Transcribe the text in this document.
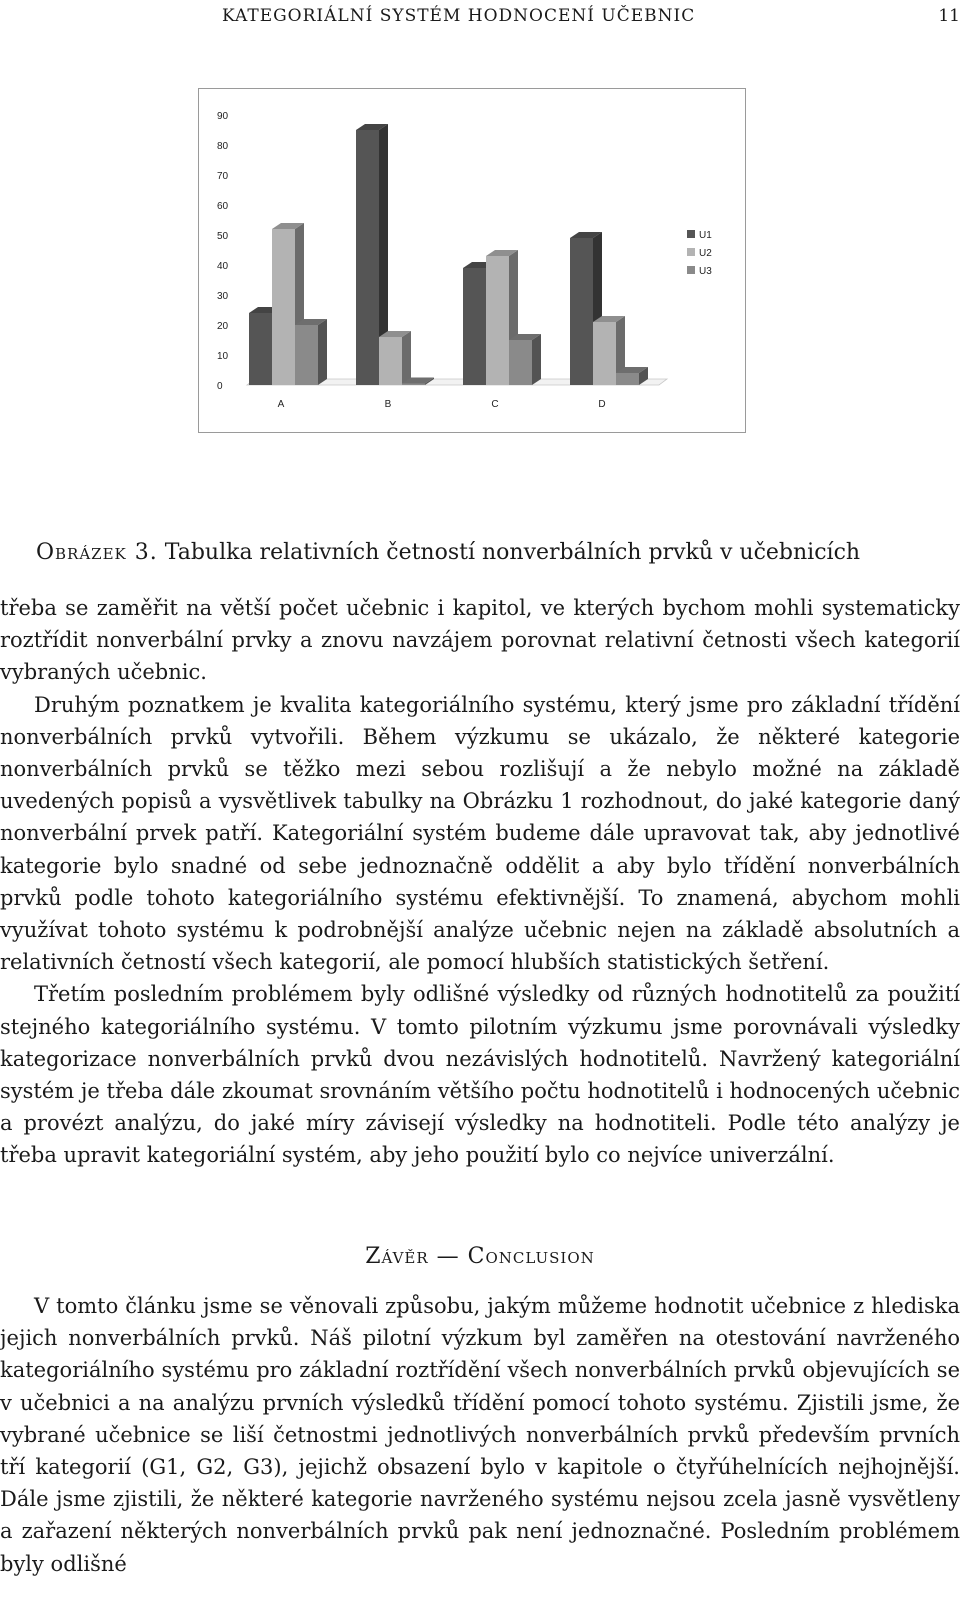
KATEGORIÁLNÍ SYSTÉM HODNOCENÍ UČEBNIC	11
0
10
20
30
40
50
60
70
80
90
A	B	C	D
U1
U2
U3
Obrázek 3. Tabulka relativních četností nonverbálních prvků v učebnicích

třeba se zaměřit na větší počet učebnic i kapitol, ve kterých bychom mohli systematicky roztřídit nonverbální prvky a znovu navzájem porovnat relativní četnosti všech kategorií vybraných učebnic.

Druhým poznatkem je kvalita kategoriálního systému, který jsme pro základní třídění nonverbálních prvků vytvořili. Během výzkumu se ukázalo, že některé kategorie nonverbálních prvků se těžko mezi sebou rozlišují a že nebylo možné na základě uvedených popisů a vysvětlivek tabulky na Obrázku 1 rozhodnout, do jaké kategorie daný nonverbální prvek patří. Kategoriální systém budeme dále upravovat tak, aby jednotlivé kategorie bylo snadné od sebe jednoznačně oddělit a aby bylo třídění nonverbálních prvků podle tohoto kategoriálního systému efektivnější. To znamená, abychom mohli využívat tohoto systému k podrobnější analýze učebnic nejen na základě absolutních a relativních četností všech kategorií, ale pomocí hlubších statistických šetření.

Třetím posledním problémem byly odlišné výsledky od různých hodnotitelů za použití stejného kategoriálního systému. V tomto pilotním výzkumu jsme porovnávali výsledky kategorizace nonverbálních prvků dvou nezávislých hodnotitelů. Navržený kategoriální systém je třeba dále zkoumat srovnáním většího počtu hodnotitelů i hodnocených učebnic a provézt analýzu, do jaké míry závisejí výsledky na hodnotiteli. Podle této analýzy je třeba upravit kategoriální systém, aby jeho použití bylo co nejvíce univerzální.

Závěr — Conclusion

V tomto článku jsme se věnovali způsobu, jakým můžeme hodnotit učebnice z hlediska jejich nonverbálních prvků. Náš pilotní výzkum byl zaměřen na otestování navrženého kategoriálního systému pro základní roztřídění všech nonverbálních prvků objevujících se v učebnici a na analýzu prvních výsledků třídění pomocí tohoto systému. Zjistili jsme, že vybrané učebnice se liší četnostmi jednotlivých nonverbálních prvků především prvních tří kategorií (G1, G2, G3), jejichž obsazení bylo v kapitole o čtyřúhelnících nejhojnější. Dále jsme zjistili, že některé kategorie navrženého systému nejsou zcela jasně vysvětleny a zařazení některých nonverbálních prvků pak není jednoznačné. Posledním problémem byly odlišné
